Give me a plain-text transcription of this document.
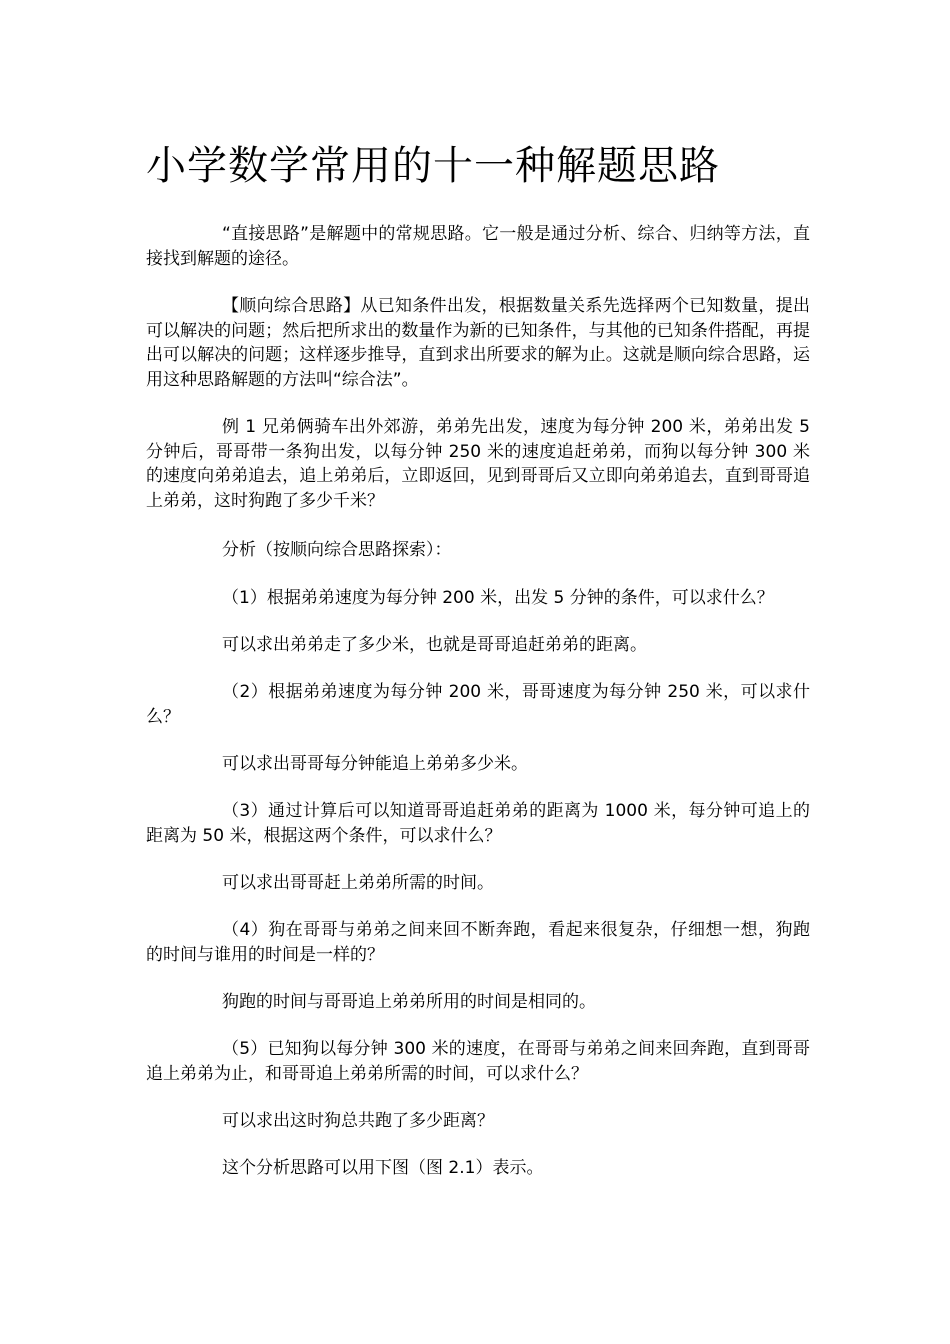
小学数学常用的十一种解题思路

“直接思路”是解题中的常规思路。它一般是通过分析、综合、归纳等方法，直接找到解题的途径。

【顺向综合思路】从已知条件出发，根据数量关系先选择两个已知数量，提出可以解决的问题；然后把所求出的数量作为新的已知条件，与其他的已知条件搭配，再提出可以解决的问题；这样逐步推导，直到求出所要求的解为止。这就是顺向综合思路，运用这种思路解题的方法叫“综合法”。

例 1 兄弟俩骑车出外郊游，弟弟先出发，速度为每分钟 200 米，弟弟出发 5 分钟后，哥哥带一条狗出发，以每分钟 250 米的速度追赶弟弟，而狗以每分钟 300 米的速度向弟弟追去，追上弟弟后，立即返回，见到哥哥后又立即向弟弟追去，直到哥哥追上弟弟，这时狗跑了多少千米？

分析（按顺向综合思路探索）：

（1）根据弟弟速度为每分钟 200 米，出发 5 分钟的条件，可以求什么？

可以求出弟弟走了多少米，也就是哥哥追赶弟弟的距离。

（2）根据弟弟速度为每分钟 200 米，哥哥速度为每分钟 250 米，可以求什么？

可以求出哥哥每分钟能追上弟弟多少米。

（3）通过计算后可以知道哥哥追赶弟弟的距离为 1000 米，每分钟可追上的距离为 50 米，根据这两个条件，可以求什么？

可以求出哥哥赶上弟弟所需的时间。

（4）狗在哥哥与弟弟之间来回不断奔跑，看起来很复杂，仔细想一想，狗跑的时间与谁用的时间是一样的？

狗跑的时间与哥哥追上弟弟所用的时间是相同的。

（5）已知狗以每分钟 300 米的速度，在哥哥与弟弟之间来回奔跑，直到哥哥追上弟弟为止，和哥哥追上弟弟所需的时间，可以求什么？

可以求出这时狗总共跑了多少距离？

这个分析思路可以用下图（图 2.1）表示。
